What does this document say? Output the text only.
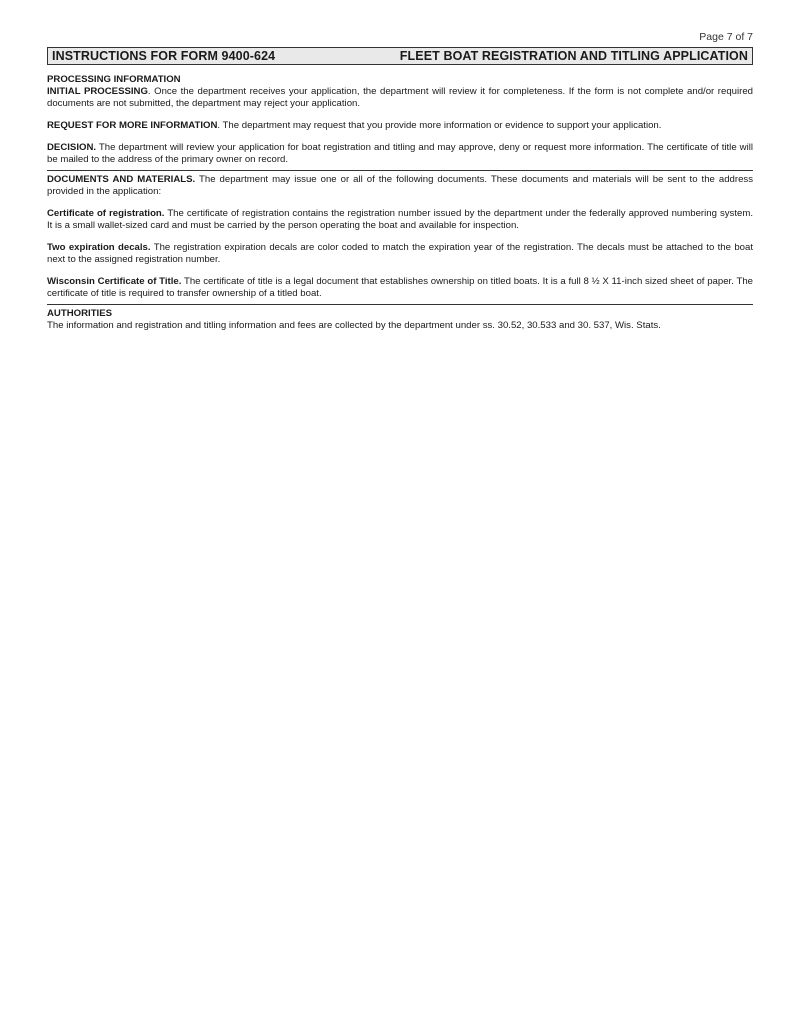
Page 7 of 7
INSTRUCTIONS FOR FORM 9400-624	FLEET BOAT REGISTRATION AND TITLING APPLICATION
PROCESSING INFORMATION

INITIAL PROCESSING. Once the department receives your application, the department will review it for completeness. If the form is not complete and/or required documents are not submitted, the department may reject your application.

REQUEST FOR MORE INFORMATION. The department may request that you provide more information or evidence to support your application.

DECISION. The department will review your application for boat registration and titling and may approve, deny or request more information. The certificate of title will be mailed to the address of the primary owner on record.

DOCUMENTS AND MATERIALS. The department may issue one or all of the following documents. These documents and materials will be sent to the address provided in the application:

Certificate of registration. The certificate of registration contains the registration number issued by the department under the federally approved numbering system. It is a small wallet-sized card and must be carried by the person operating the boat and available for inspection.

Two expiration decals. The registration expiration decals are color coded to match the expiration year of the registration. The decals must be attached to the boat next to the assigned registration number.

Wisconsin Certificate of Title. The certificate of title is a legal document that establishes ownership on titled boats. It is a full 8 ½ X 11-inch sized sheet of paper. The certificate of title is required to transfer ownership of a titled boat.

AUTHORITIES

The information and registration and titling information and fees are collected by the department under ss. 30.52, 30.533 and 30. 537, Wis. Stats.
